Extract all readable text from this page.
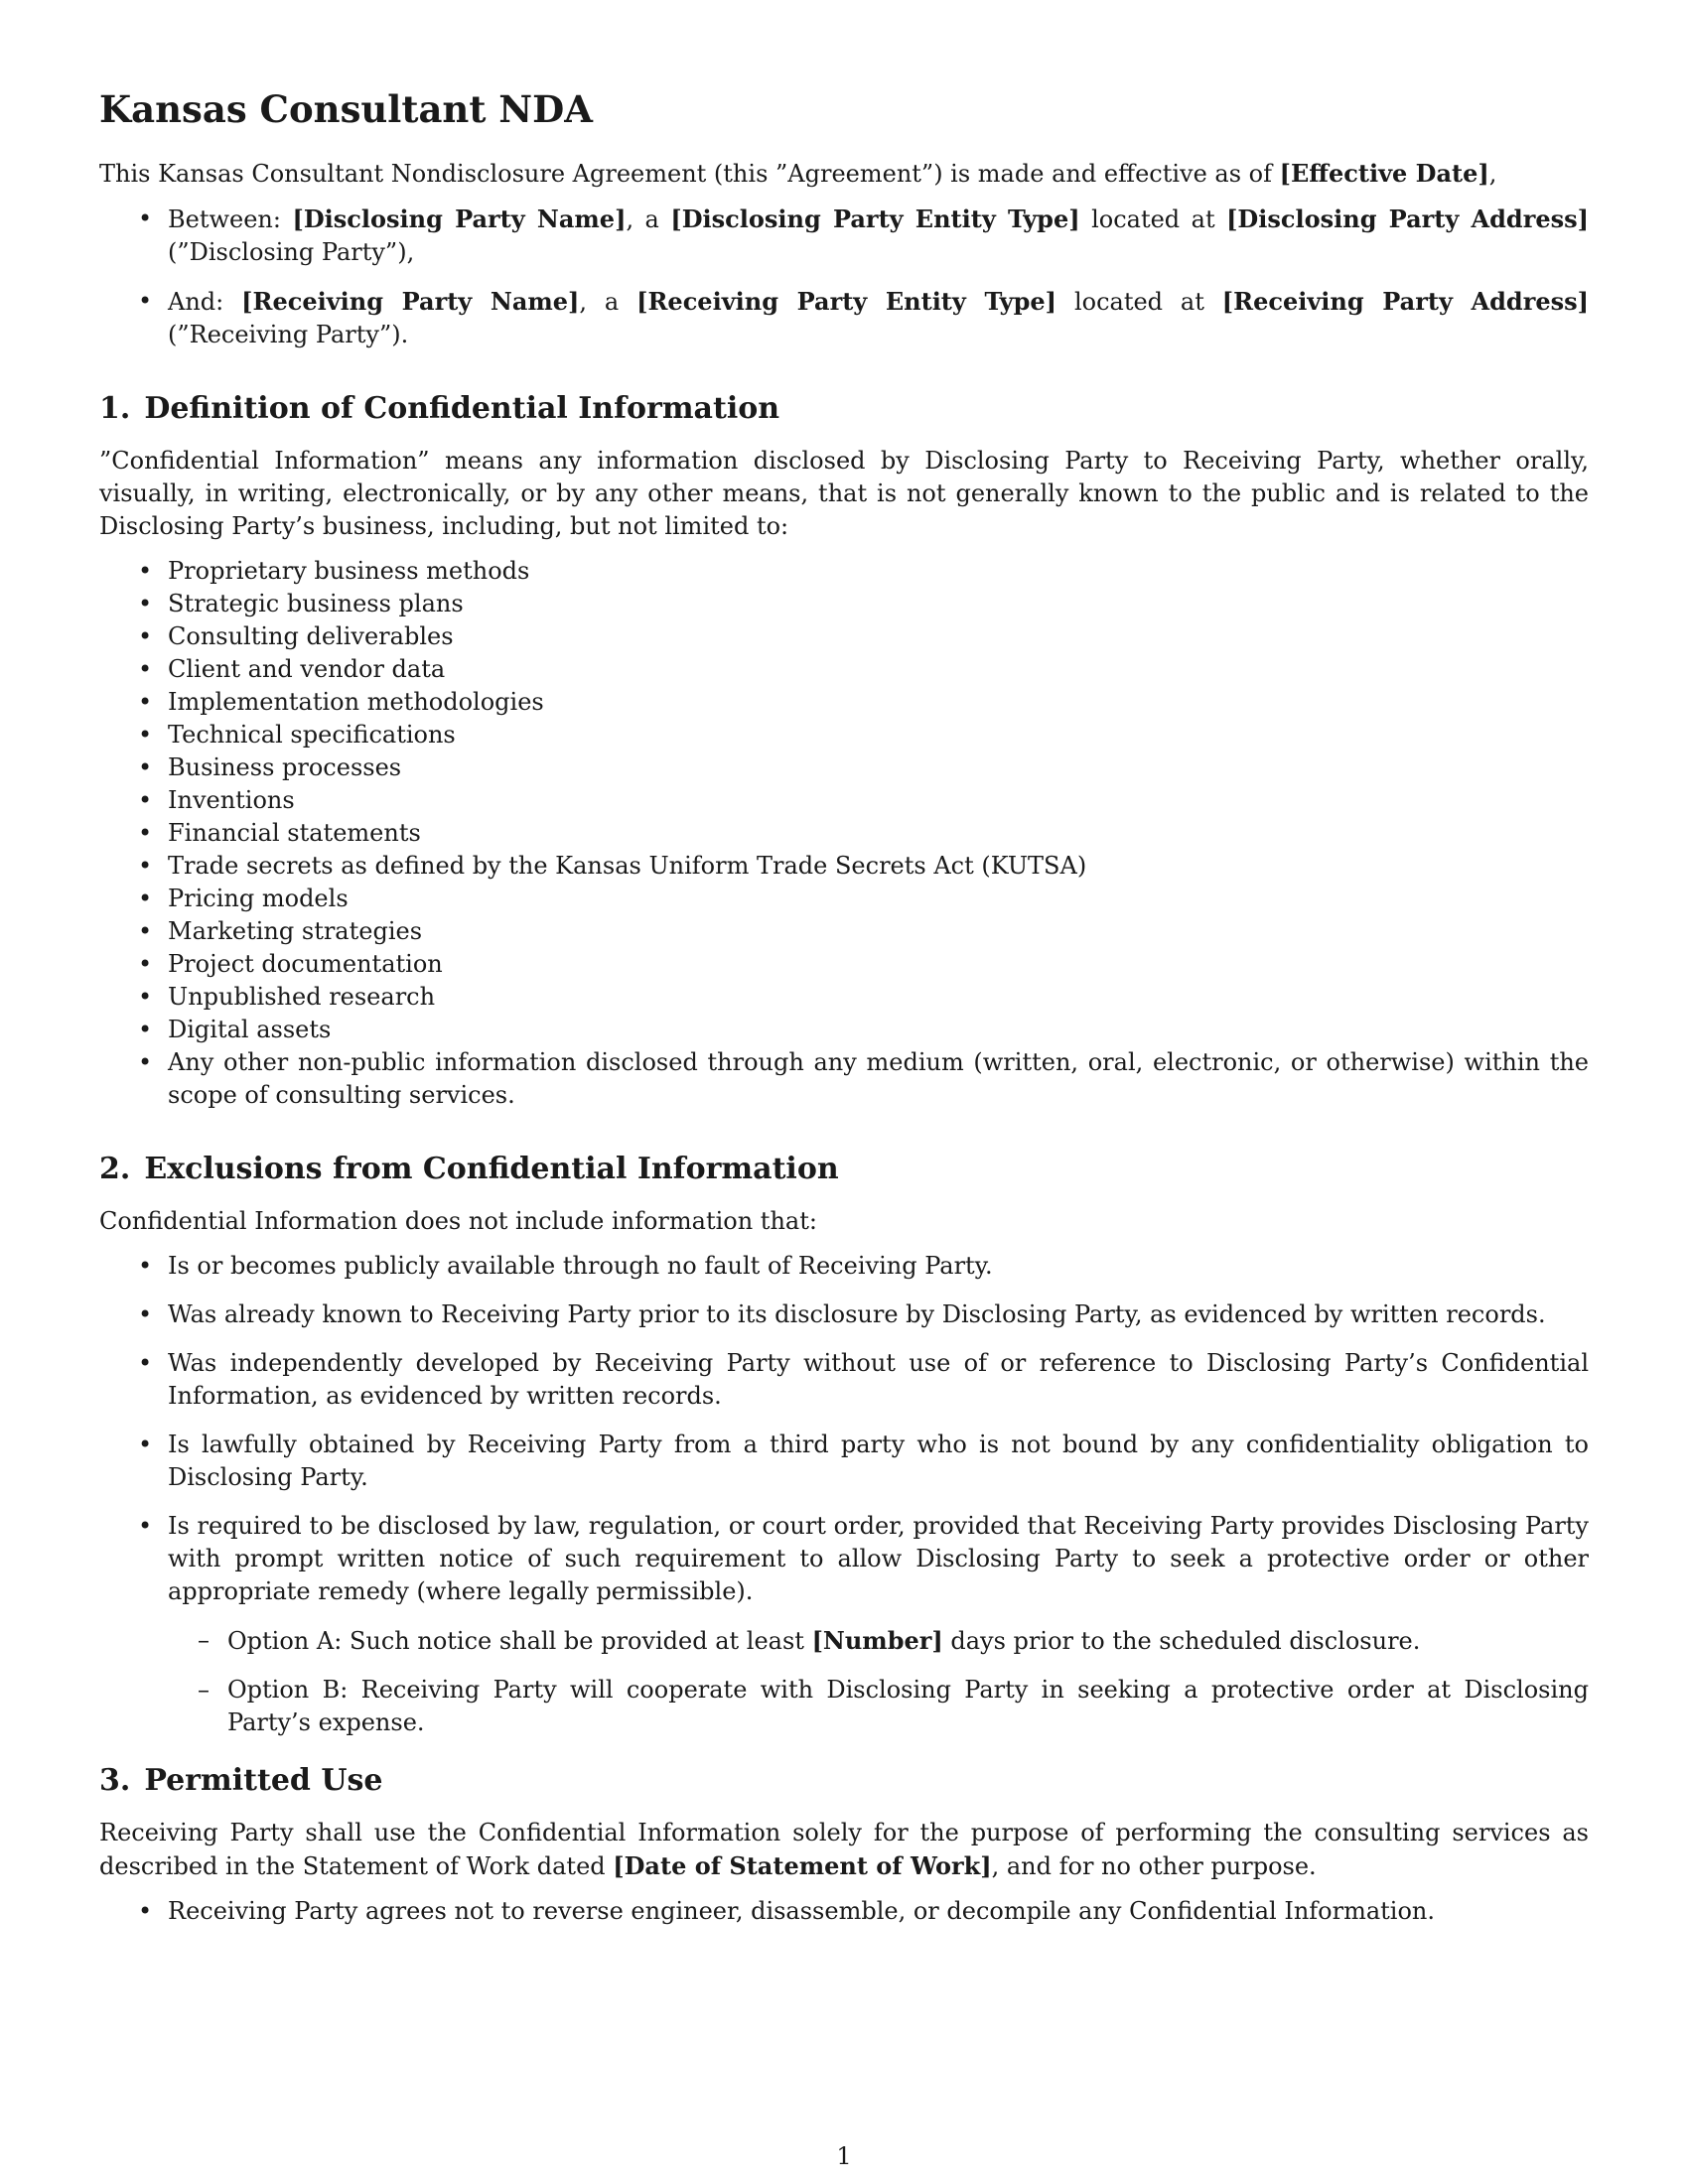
Kansas Consultant NDA

This Kansas Consultant Nondisclosure Agreement (this ”Agreement”) is made and effective as of [Effective Date],

• Between: [Disclosing Party Name], a [Disclosing Party Entity Type] located at [Disclosing Party Address] (”Disclosing Party”),
• And: [Receiving Party Name], a [Receiving Party Entity Type] located at [Receiving Party Address] (”Receiving Party”).
1. Definition of Confidential Information

”Confidential Information” means any information disclosed by Disclosing Party to Receiving Party, whether orally, visually, in writing, electronically, or by any other means, that is not generally known to the public and is related to the Disclosing Party’s business, including, but not limited to:

• Proprietary business methods
• Strategic business plans
• Consulting deliverables
• Client and vendor data
• Implementation methodologies
• Technical specifications
• Business processes
• Inventions
• Financial statements
• Trade secrets as defined by the Kansas Uniform Trade Secrets Act (KUTSA)
• Pricing models
• Marketing strategies
• Project documentation
• Unpublished research
• Digital assets
• Any other non-public information disclosed through any medium (written, oral, electronic, or otherwise) within the scope of consulting services.
2. Exclusions from Confidential Information

Confidential Information does not include information that:

• Is or becomes publicly available through no fault of Receiving Party.
• Was already known to Receiving Party prior to its disclosure by Disclosing Party, as evidenced by written records.
• Was independently developed by Receiving Party without use of or reference to Disclosing Party’s Confidential Information, as evidenced by written records.
• Is lawfully obtained by Receiving Party from a third party who is not bound by any confidentiality obligation to Disclosing Party.
• Is required to be disclosed by law, regulation, or court order, provided that Receiving Party provides Disclosing Party with prompt written notice of such requirement to allow Disclosing Party to seek a protective order or other appropriate remedy (where legally permissible).
– Option A: Such notice shall be provided at least [Number] days prior to the scheduled disclosure.
– Option B: Receiving Party will cooperate with Disclosing Party in seeking a protective order at Disclosing Party’s expense.
3. Permitted Use

Receiving Party shall use the Confidential Information solely for the purpose of performing the consulting services as described in the Statement of Work dated [Date of Statement of Work], and for no other purpose.

• Receiving Party agrees not to reverse engineer, disassemble, or decompile any Confidential Information.
1
